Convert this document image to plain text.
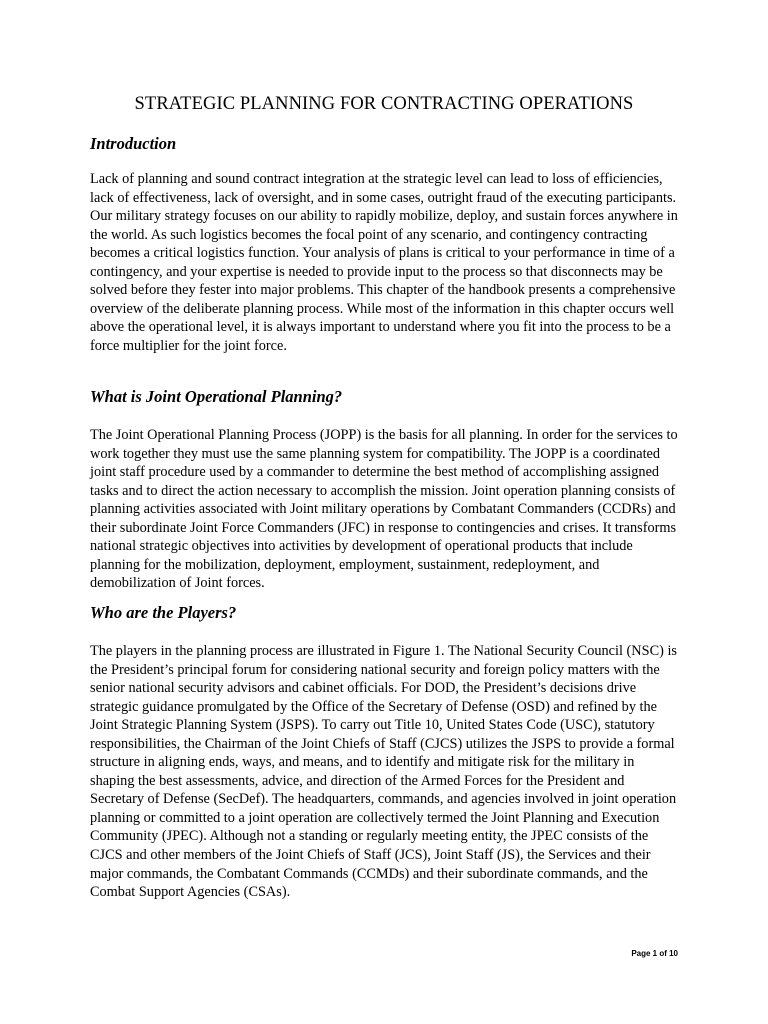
STRATEGIC PLANNING FOR CONTRACTING OPERATIONS
Introduction

Lack of planning and sound contract integration at the strategic level can lead to loss of efficiencies, lack of effectiveness, lack of oversight, and in some cases, outright fraud of the executing participants. Our military strategy focuses on our ability to rapidly mobilize, deploy, and sustain forces anywhere in the world. As such logistics becomes the focal point of any scenario, and contingency contracting becomes a critical logistics function. Your analysis of plans is critical to your performance in time of a contingency, and your expertise is needed to provide input to the process so that disconnects may be solved before they fester into major problems. This chapter of the handbook presents a comprehensive overview of the deliberate planning process. While most of the information in this chapter occurs well above the operational level, it is always important to understand where you fit into the process to be a force multiplier for the joint force.

What is Joint Operational Planning?

The Joint Operational Planning Process (JOPP) is the basis for all planning. In order for the services to work together they must use the same planning system for compatibility. The JOPP is a coordinated joint staff procedure used by a commander to determine the best method of accomplishing assigned tasks and to direct the action necessary to accomplish the mission. Joint operation planning consists of planning activities associated with Joint military operations by Combatant Commanders (CCDRs) and their subordinate Joint Force Commanders (JFC) in response to contingencies and crises. It transforms national strategic objectives into activities by development of operational products that include planning for the mobilization, deployment, employment, sustainment, redeployment, and demobilization of Joint forces.

Who are the Players?

The players in the planning process are illustrated in Figure 1. The National Security Council (NSC) is the President’s principal forum for considering national security and foreign policy matters with the senior national security advisors and cabinet officials. For DOD, the President’s decisions drive strategic guidance promulgated by the Office of the Secretary of Defense (OSD) and refined by the Joint Strategic Planning System (JSPS). To carry out Title 10, United States Code (USC), statutory responsibilities, the Chairman of the Joint Chiefs of Staff (CJCS) utilizes the JSPS to provide a formal structure in aligning ends, ways, and means, and to identify and mitigate risk for the military in shaping the best assessments, advice, and direction of the Armed Forces for the President and Secretary of Defense (SecDef). The headquarters, commands, and agencies involved in joint operation planning or committed to a joint operation are collectively termed the Joint Planning and Execution Community (JPEC). Although not a standing or regularly meeting entity, the JPEC consists of the CJCS and other members of the Joint Chiefs of Staff (JCS), Joint Staff (JS), the Services and their major commands, the Combatant Commands (CCMDs) and their subordinate commands, and the Combat Support Agencies (CSAs).

Page 1 of 10
